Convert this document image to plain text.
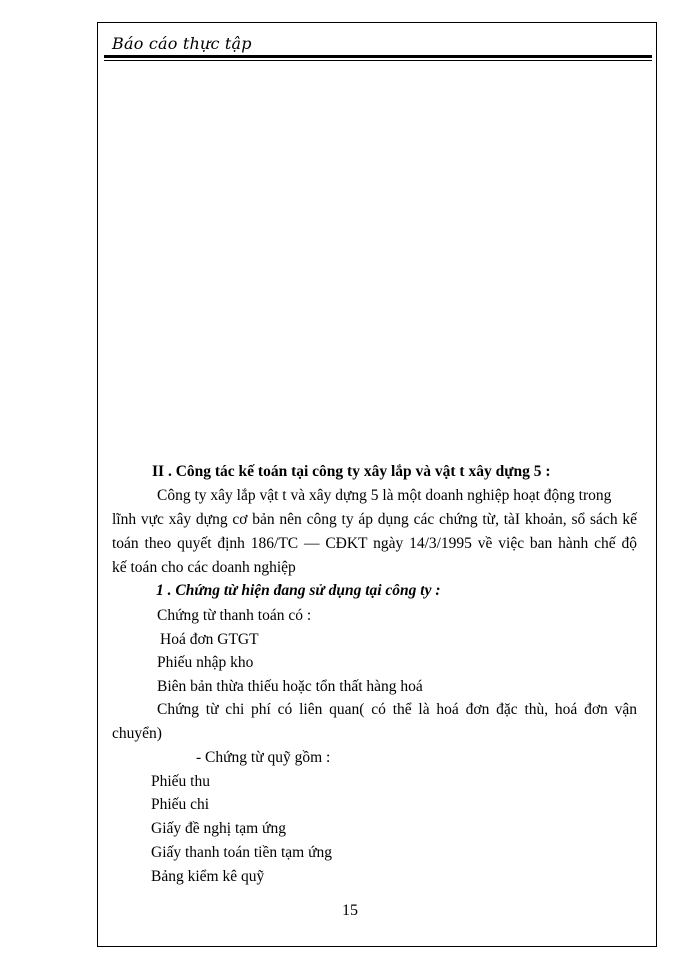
Báo cáo thực tập
II . Công tác kế toán tại công ty xây lắp và vật t xây dựng 5 :
Công ty xây lắp vật t và xây dựng 5 là một doanh nghiệp hoạt động trong
lĩnh vực xây dựng cơ bản nên công ty áp dụng các chứng từ, tàI khoản, sổ sách kế
toán theo quyết định 186/TC — CĐKT ngày 14/3/1995 về việc ban hành chế độ
kế toán cho các doanh nghiệp
1 . Chứng từ hiện đang sử dụng tại công ty :
Chứng từ thanh toán có :
Hoá đơn GTGT
Phiếu nhập kho
Biên bản thừa thiếu hoặc tổn thất hàng hoá
Chứng từ chi phí có liên quan( có thể là hoá đơn đặc thù, hoá đơn vận
chuyển)
- Chứng từ quỹ gồm :
Phiếu thu
Phiếu chi
Giấy đề nghị tạm ứng
Giấy thanh toán tiền tạm ứng
Bảng kiểm kê quỹ
15
